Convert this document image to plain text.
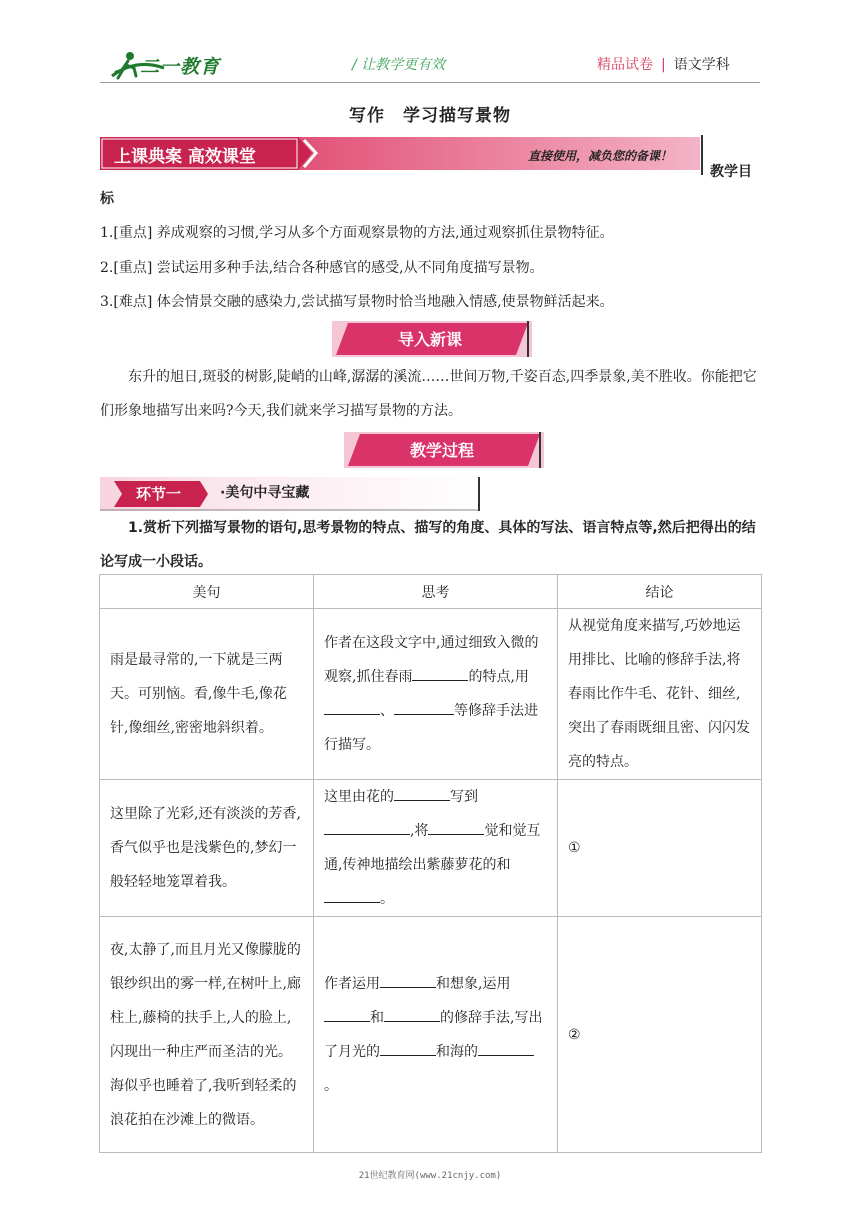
二一教育	/ 让教学更有效	精品试卷 | 语文学科
写作　学习描写景物
上课典案 高效课堂	直接使用，减负您的备课！
教学目
标
1.[重点] 养成观察的习惯,学习从多个方面观察景物的方法,通过观察抓住景物特征。
2.[重点] 尝试运用多种手法,结合各种感官的感受,从不同角度描写景物。
3.[难点] 体会情景交融的感染力,尝试描写景物时恰当地融入情感,使景物鲜活起来。
导入新课
东升的旭日,斑驳的树影,陡峭的山峰,潺潺的溪流……世间万物,千姿百态,四季景象,美不胜收。你能把它们形象地描写出来吗?今天,我们就来学习描写景物的方法。
教学过程
环节一	·美句中寻宝藏
1.赏析下列描写景物的语句,思考景物的特点、描写的角度、具体的写法、语言特点等,然后把得出的结论写成一小段话。
美句	思考	结论

雨是最寻常的,一下就是三两天。可别恼。看,像牛毛,像花针,像细丝,密密地斜织着。	作者在这段文字中,通过细致入微的观察,抓住春雨 的特点,用、 等修辞手法进行描写。	从视觉角度来描写,巧妙地运用排比、比喻的修辞手法,将春雨比作牛毛、花针、细丝,突出了春雨既细且密、闪闪发亮的特点。

这里除了光彩,还有淡淡的芳香,香气似乎也是浅紫色的,梦幻一般轻轻地笼罩着我。	这里由花的 写到,将 觉和觉互通,传神地描绘出紫藤萝花的和。	①

夜,太静了,而且月光又像朦胧的银纱织出的雾一样,在树叶上,廊柱上,藤椅的扶手上,人的脸上,闪现出一种庄严而圣洁的光。海似乎也睡着了,我听到轻柔的浪花拍在沙滩上的微语。	作者运用 和想象,运用和 的修辞手法,写出了月光的 和海的。	②
21世纪教育网(www.21cnjy.com)
